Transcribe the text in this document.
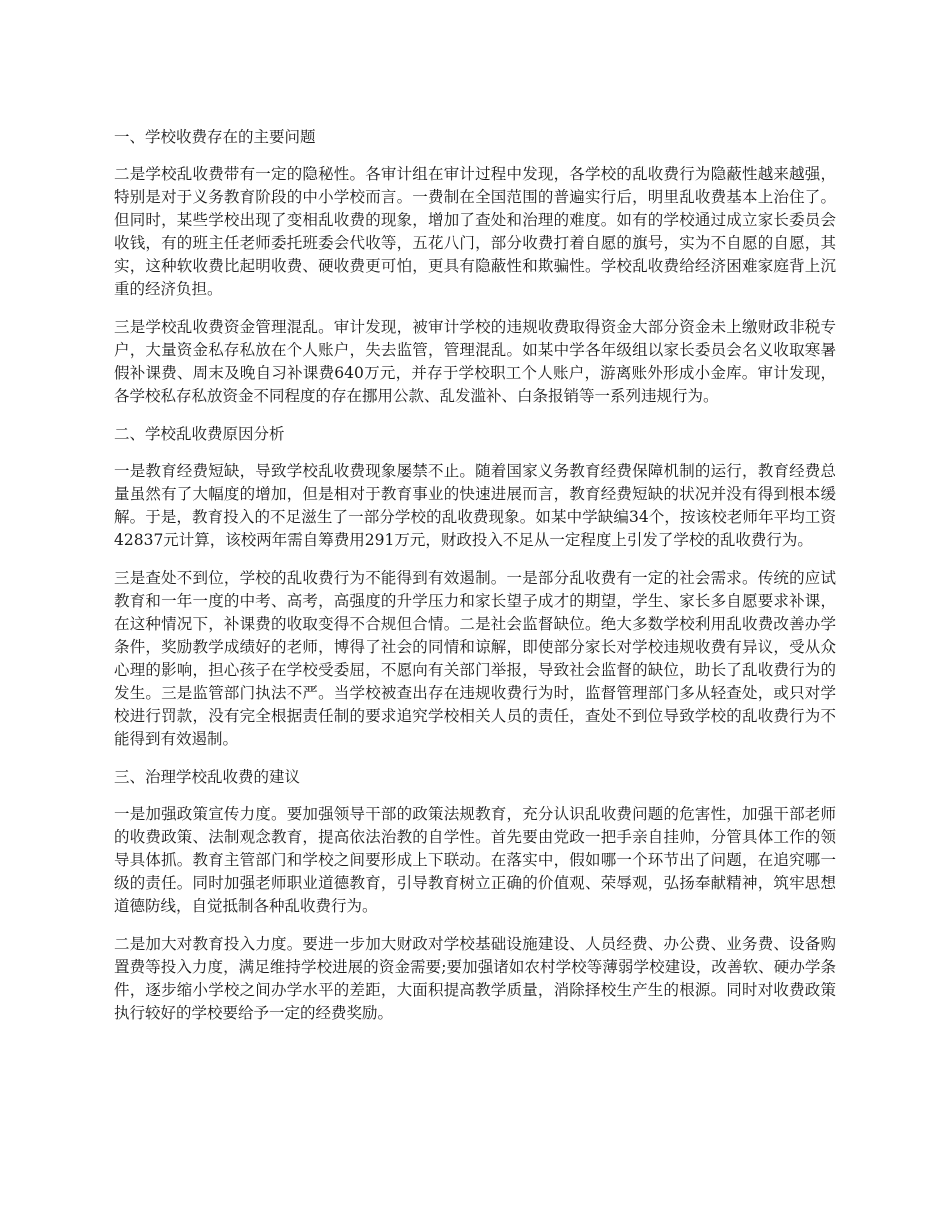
一、学校收费存在的主要问题

二是学校乱收费带有一定的隐秘性。各审计组在审计过程中发现，各学校的乱收费行为隐蔽性越来越强，特别是对于义务教育阶段的中小学校而言。一费制在全国范围的普遍实行后，明里乱收费基本上治住了。但同时，某些学校出现了变相乱收费的现象，增加了查处和治理的难度。如有的学校通过成立家长委员会收钱，有的班主任老师委托班委会代收等，五花八门，部分收费打着自愿的旗号，实为不自愿的自愿，其实，这种软收费比起明收费、硬收费更可怕，更具有隐蔽性和欺骗性。学校乱收费给经济困难家庭背上沉重的经济负担。

三是学校乱收费资金管理混乱。审计发现，被审计学校的违规收费取得资金大部分资金未上缴财政非税专户，大量资金私存私放在个人账户，失去监管，管理混乱。如某中学各年级组以家长委员会名义收取寒暑假补课费、周末及晚自习补课费640万元，并存于学校职工个人账户，游离账外形成小金库。审计发现，各学校私存私放资金不同程度的存在挪用公款、乱发滥补、白条报销等一系列违规行为。

二、学校乱收费原因分析

一是教育经费短缺，导致学校乱收费现象屡禁不止。随着国家义务教育经费保障机制的运行，教育经费总量虽然有了大幅度的增加，但是相对于教育事业的快速进展而言，教育经费短缺的状况并没有得到根本缓解。于是，教育投入的不足滋生了一部分学校的乱收费现象。如某中学缺编34个，按该校老师年平均工资42837元计算，该校两年需自筹费用291万元，财政投入不足从一定程度上引发了学校的乱收费行为。

三是查处不到位，学校的乱收费行为不能得到有效遏制。一是部分乱收费有一定的社会需求。传统的应试教育和一年一度的中考、高考，高强度的升学压力和家长望子成才的期望，学生、家长多自愿要求补课，在这种情况下，补课费的收取变得不合规但合情。二是社会监督缺位。绝大多数学校利用乱收费改善办学条件，奖励教学成绩好的老师，博得了社会的同情和谅解，即使部分家长对学校违规收费有异议，受从众心理的影响，担心孩子在学校受委屈，不愿向有关部门举报，导致社会监督的缺位，助长了乱收费行为的发生。三是监管部门执法不严。当学校被查出存在违规收费行为时，监督管理部门多从轻查处，或只对学校进行罚款，没有完全根据责任制的要求追究学校相关人员的责任，查处不到位导致学校的乱收费行为不能得到有效遏制。

三、治理学校乱收费的建议

一是加强政策宣传力度。要加强领导干部的政策法规教育，充分认识乱收费问题的危害性，加强干部老师的收费政策、法制观念教育，提高依法治教的自学性。首先要由党政一把手亲自挂帅，分管具体工作的领导具体抓。教育主管部门和学校之间要形成上下联动。在落实中，假如哪一个环节出了问题，在追究哪一级的责任。同时加强老师职业道德教育，引导教育树立正确的价值观、荣辱观，弘扬奉献精神，筑牢思想道德防线，自觉抵制各种乱收费行为。

二是加大对教育投入力度。要进一步加大财政对学校基础设施建设、人员经费、办公费、业务费、设备购置费等投入力度，满足维持学校进展的资金需要;要加强诸如农村学校等薄弱学校建设，改善软、硬办学条件，逐步缩小学校之间办学水平的差距，大面积提高教学质量，消除择校生产生的根源。同时对收费政策执行较好的学校要给予一定的经费奖励。
